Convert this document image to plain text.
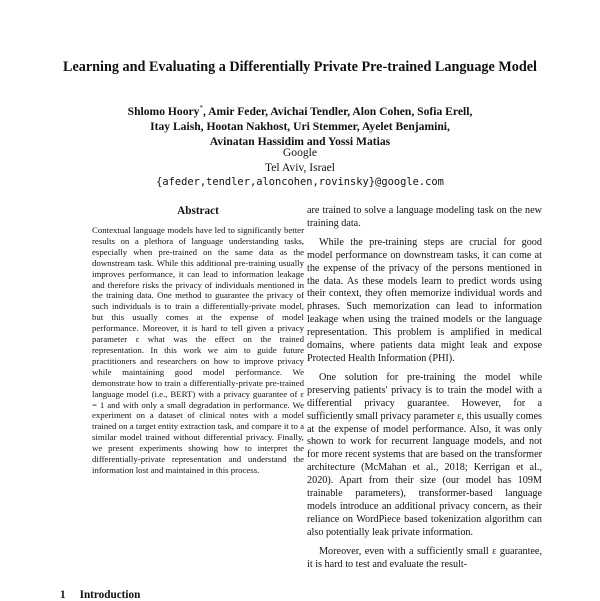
Learning and Evaluating a Differentially Private Pre-trained Language Model
Shlomo Hoory*, Amir Feder, Avichai Tendler, Alon Cohen, Sofia Erell,
Itay Laish, Hootan Nakhost, Uri Stemmer, Ayelet Benjamini,
Avinatan Hassidim and Yossi Matias
Google
Tel Aviv, Israel
{afeder,tendler,aloncohen,rovinsky}@google.com
Abstract
Contextual language models have led to significantly better results on a plethora of language understanding tasks, especially when pre-trained on the same data as the downstream task. While this additional pre-training usually improves performance, it can lead to information leakage and therefore risks the privacy of individuals mentioned in the training data. One method to guarantee the privacy of such individuals is to train a differentially-private model, but this usually comes at the expense of model performance. Moreover, it is hard to tell given a privacy parameter ε what was the effect on the trained representation. In this work we aim to guide future practitioners and researchers on how to improve privacy while maintaining good model performance. We demonstrate how to train a differentially-private pre-trained language model (i.e., BERT) with a privacy guarantee of ε = 1 and with only a small degradation in performance. We experiment on a dataset of clinical notes with a model trained on a target entity extraction task, and compare it to a similar model trained without differential privacy. Finally, we present experiments showing how to interpret the differentially-private representation and understand the information lost and maintained in this process.
1 Introduction

are trained to solve a language modeling task on the new training data.

While the pre-training steps are crucial for good model performance on downstream tasks, it can come at the expense of the privacy of the persons mentioned in the data. As these models learn to predict words using their context, they often memorize individual words and phrases. Such memorization can lead to information leakage when using the trained models or the language representation. This problem is amplified in medical domains, where patients data might leak and expose Protected Health Information (PHI).

One solution for pre-training the model while preserving patients' privacy is to train the model with a differential privacy guarantee. However, for a sufficiently small privacy parameter ε, this usually comes at the expense of model performance. Also, it was only shown to work for recurrent language models, and not for more recent systems that are based on the transformer architecture (McMahan et al., 2018; Kerrigan et al., 2020). Apart from their size (our model has 109M trainable parameters), transformer-based language models introduce an additional privacy concern, as their reliance on WordPiece based tokenization algorithm can also potentially leak private information.

Moreover, even with a sufficiently small ε guarantee, it is hard to test and evaluate the result-
